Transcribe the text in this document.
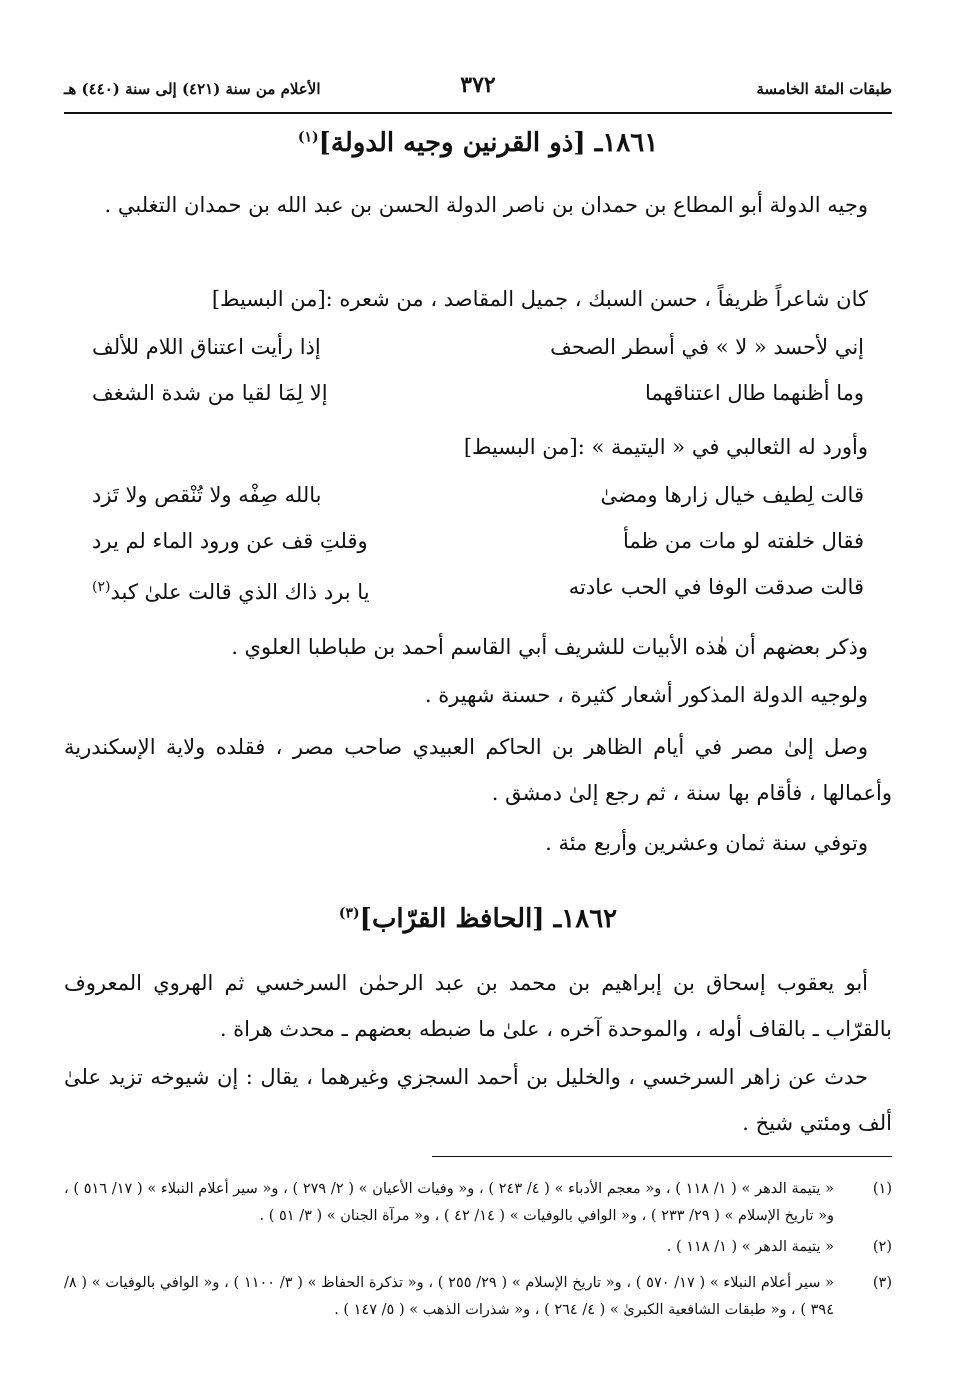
طبقات المئة الخامسة
٣٧٢
الأعلام من سنة (٤٢١) إلى سنة (٤٤٠) هـ
١٨٦١ـ [ذو القرنين وجيه الدولة]$^{(١)}$
وجيه الدولة أبو المطاع بن حمدان بن ناصر الدولة الحسن بن عبد الله بن حمدان التغلبي .
كان شاعراً ظريفاً ، حسن السبك ، جميل المقاصد ، من شعره :[من البسيط]
إني لأحسد « لا » في أسطر الصحف
إذا رأيت اعتناق اللام للألف
وما أظنهما طال اعتناقهما
إلا لِمَا لقيا من شدة الشغف
وأورد له الثعالبي في « اليتيمة » :[من البسيط]
قالت لِطيف خيال زارها ومضىٰ
بالله صِفْه ولا تُنْقص ولا تَزد
فقال خلفته لو مات من ظمأ
وقلتِ قف عن ورود الماء لم يرد
قالت صدقت الوفا في الحب عادته
يا برد ذاك الذي قالت علىٰ كبد$^{(٢)}$
وذكر بعضهم أن هٰذه الأبيات للشريف أبي القاسم أحمد بن طباطبا العلوي .
ولوجيه الدولة المذكور أشعار كثيرة ، حسنة شهيرة .
وصل إلىٰ مصر في أيام الظاهر بن الحاكم العبيدي صاحب مصر ، فقلده ولاية الإسكندرية وأعمالها ، فأقام بها سنة ، ثم رجع إلىٰ دمشق .
وتوفي سنة ثمان وعشرين وأربع مئة .
١٨٦٢ـ [الحافظ القرّاب]$^{(٣)}$
أبو يعقوب إسحاق بن إبراهيم بن محمد بن عبد الرحمٰن السرخسي ثم الهروي المعروف بالقرّاب ـ بالقاف أوله ، والموحدة آخره ، علىٰ ما ضبطه بعضهم ـ محدث هراة .
حدث عن زاهر السرخسي ، والخليل بن أحمد السجزي وغيرهما ، يقال : إن شيوخه تزيد علىٰ ألف ومئتي شيخ .
(١)
« يتيمة الدهر » ( ١/ ١١٨ ) ، و« معجم الأدباء » ( ٤/ ٢٤٣ ) ، و« وفيات الأعيان » ( ٢/ ٢٧٩ ) ، و« سير أعلام النبلاء » ( ١٧/ ٥١٦ ) ، و« تاريخ الإسلام » ( ٢٩/ ٢٣٣ ) ، و« الوافي بالوفيات » ( ١٤/ ٤٢ ) ، و« مرآة الجنان » ( ٣/ ٥١ ) .
(٢)
« يتيمة الدهر » ( ١/ ١١٨ ) .
(٣)
« سير أعلام النبلاء » ( ١٧/ ٥٧٠ ) ، و« تاريخ الإسلام » ( ٢٩/ ٢٥٥ ) ، و« تذكرة الحفاظ » ( ٣/ ١١٠٠ ) ، و« الوافي بالوفيات » ( ٨/ ٣٩٤ ) ، و« طبقات الشافعية الكبرىٰ » ( ٤/ ٢٦٤ ) ، و« شذرات الذهب » ( ٥/ ١٤٧ ) .
